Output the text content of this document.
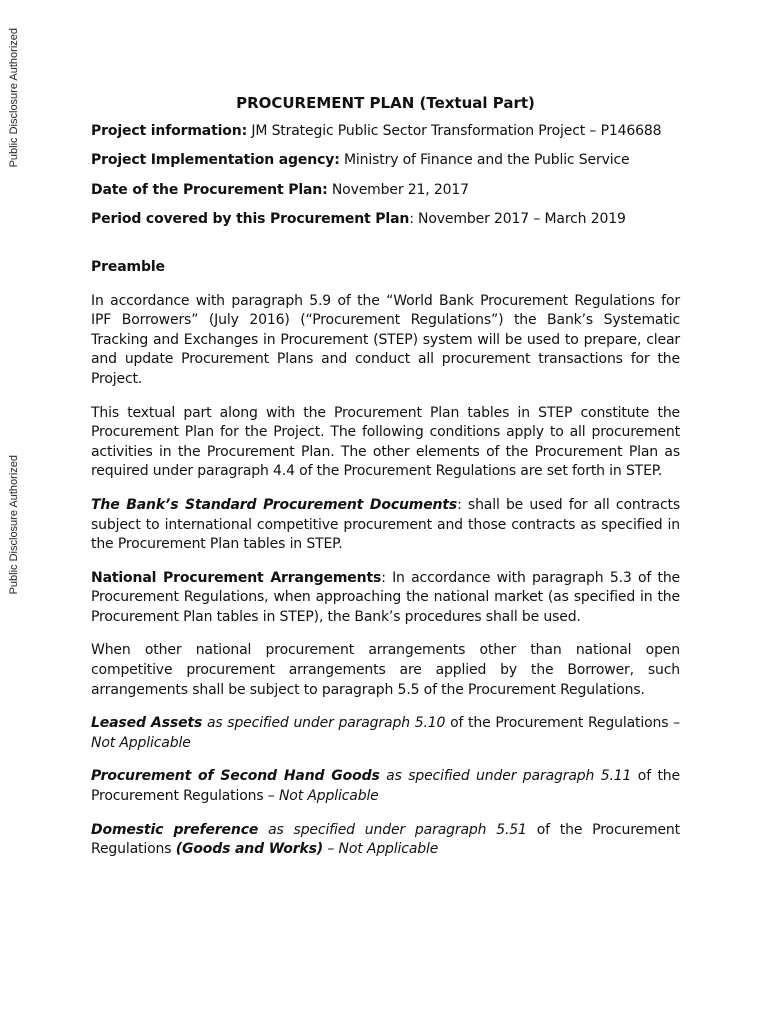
Public Disclosure Authorized
Public Disclosure Authorized
PROCUREMENT PLAN (Textual Part)
Project information: JM Strategic Public Sector Transformation Project – P146688
Project Implementation agency: Ministry of Finance and the Public Service
Date of the Procurement Plan: November 21, 2017
Period covered by this Procurement Plan: November 2017 – March 2019
Preamble

In accordance with paragraph 5.9 of the “World Bank Procurement Regulations for IPF Borrowers” (July 2016) (“Procurement Regulations”) the Bank’s Systematic Tracking and Exchanges in Procurement (STEP) system will be used to prepare, clear and update Procurement Plans and conduct all procurement transactions for the Project.

This textual part along with the Procurement Plan tables in STEP constitute the Procurement Plan for the Project. The following conditions apply to all procurement activities in the Procurement Plan. The other elements of the Procurement Plan as required under paragraph 4.4 of the Procurement Regulations are set forth in STEP.

The Bank’s Standard Procurement Documents: shall be used for all contracts subject to international competitive procurement and those contracts as specified in the Procurement Plan tables in STEP.

National Procurement Arrangements: In accordance with paragraph 5.3 of the Procurement Regulations, when approaching the national market (as specified in the Procurement Plan tables in STEP), the Bank’s procedures shall be used.

When other national procurement arrangements other than national open competitive procurement arrangements are applied by the Borrower, such arrangements shall be subject to paragraph 5.5 of the Procurement Regulations.

Leased Assets as specified under paragraph 5.10 of the Procurement Regulations – Not Applicable

Procurement of Second Hand Goods as specified under paragraph 5.11 of the Procurement Regulations – Not Applicable

Domestic preference as specified under paragraph 5.51 of the Procurement Regulations (Goods and Works) – Not Applicable
